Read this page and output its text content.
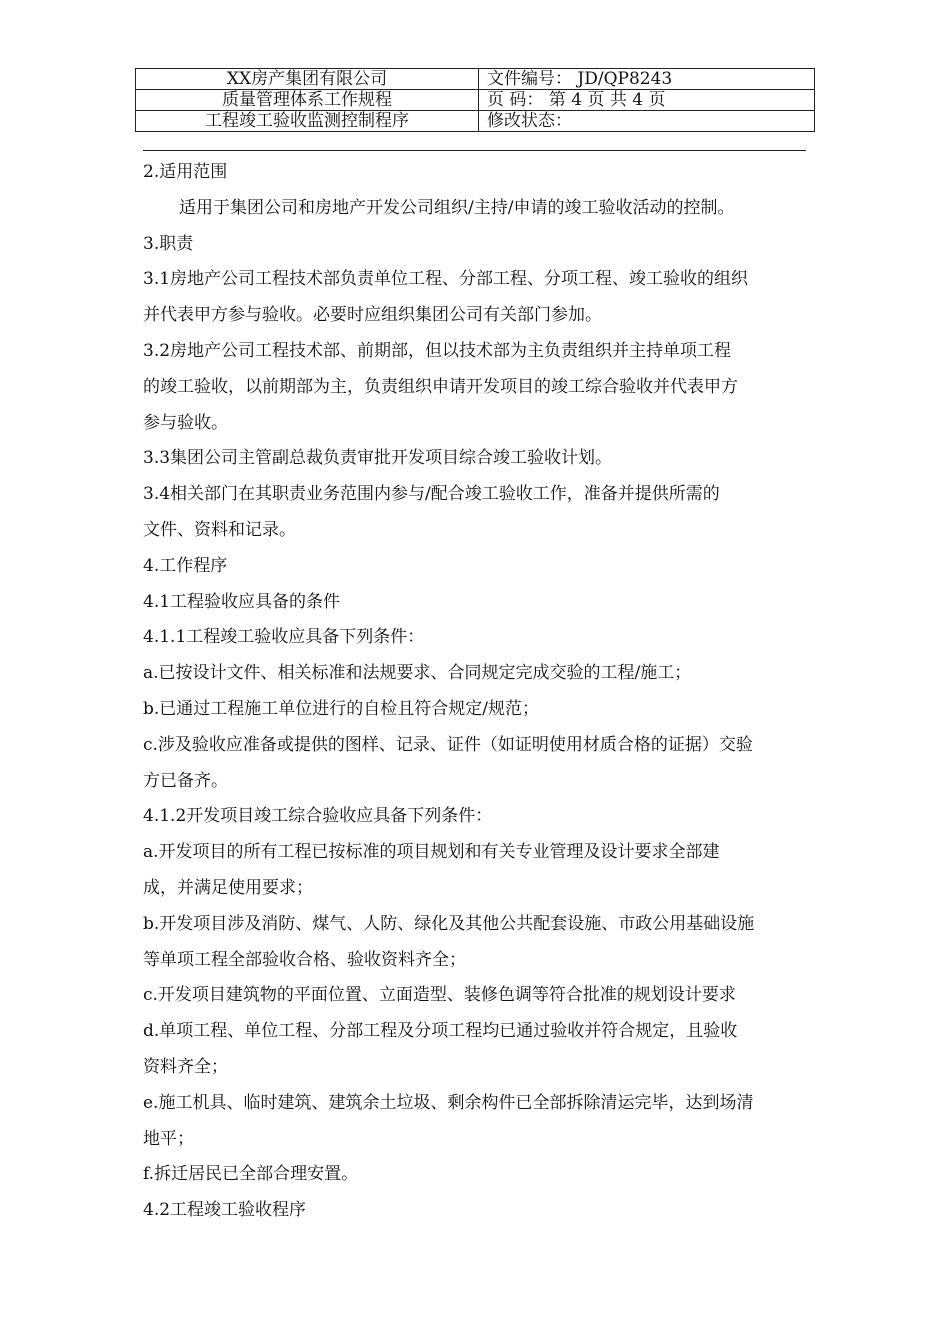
XX房产集团有限公司	文件编号： JD/QP8243
质量管理体系工作规程	页 码： 第 4 页 共 4 页
工程竣工验收监测控制程序	修改状态：
2.适用范围
适用于集团公司和房地产开发公司组织/主持/申请的竣工验收活动的控制。
3.职责
3.1房地产公司工程技术部负责单位工程、分部工程、分项工程、竣工验收的组织
并代表甲方参与验收。必要时应组织集团公司有关部门参加。
3.2房地产公司工程技术部、前期部，但以技术部为主负责组织并主持单项工程
的竣工验收，以前期部为主，负责组织申请开发项目的竣工综合验收并代表甲方
参与验收。
3.3集团公司主管副总裁负责审批开发项目综合竣工验收计划。
3.4相关部门在其职责业务范围内参与/配合竣工验收工作，准备并提供所需的
文件、资料和记录。
4.工作程序
4.1工程验收应具备的条件
4.1.1工程竣工验收应具备下列条件：
a.已按设计文件、相关标准和法规要求、合同规定完成交验的工程/施工；
b.已通过工程施工单位进行的自检且符合规定/规范；
c.涉及验收应准备或提供的图样、记录、证件（如证明使用材质合格的证据）交验
方已备齐。
4.1.2开发项目竣工综合验收应具备下列条件：
a.开发项目的所有工程已按标准的项目规划和有关专业管理及设计要求全部建
成，并满足使用要求；
b.开发项目涉及消防、煤气、人防、绿化及其他公共配套设施、市政公用基础设施
等单项工程全部验收合格、验收资料齐全；
c.开发项目建筑物的平面位置、立面造型、装修色调等符合批准的规划设计要求
d.单项工程、单位工程、分部工程及分项工程均已通过验收并符合规定，且验收
资料齐全；
e.施工机具、临时建筑、建筑余土垃圾、剩余构件已全部拆除清运完毕，达到场清
地平；
f.拆迁居民已全部合理安置。
4.2工程竣工验收程序
